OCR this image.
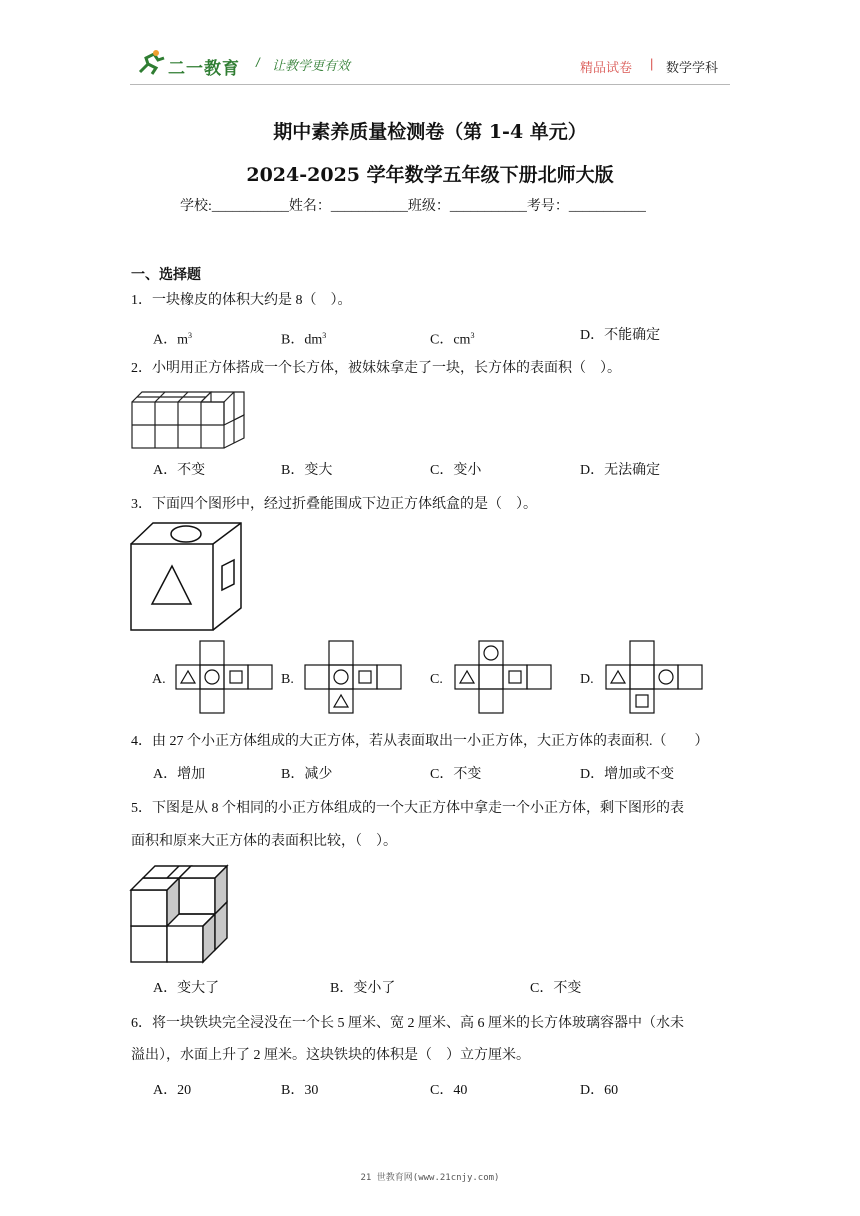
二一教育 / 让教学更有效	精品试卷 | 数学学科
期中素养质量检测卷（第 1-4 单元）
2024-2025 学年数学五年级下册北师大版
学校:___________姓名：___________班级：___________考号：___________
一、选择题
1．一块橡皮的体积大约是 8（　）。
A．$m^3$	B．$dm^3$	C．$cm^3$	D．不能确定
2．小明用正方体搭成一个长方体，被妹妹拿走了一块，长方体的表面积（　）。
A．不变	B．变大	C．变小	D．无法确定
3．下面四个图形中，经过折叠能围成下边正方体纸盒的是（　）。
A.	B.	C.	D.
4．由 27 个小正方体组成的大正方体，若从表面取出一小正方体，大正方体的表面积.（　　）
A．增加	B．减少	C．不变	D．增加或不变
5．下图是从 8 个相同的小正方体组成的一个大正方体中拿走一个小正方体，剩下图形的表
面积和原来大正方体的表面积比较，（　）。
A．变大了	B．变小了	C．不变
6．将一块铁块完全浸没在一个长 5 厘米、宽 2 厘米、高 6 厘米的长方体玻璃容器中（水未
溢出），水面上升了 2 厘米。这块铁块的体积是（　）立方厘米。
A．20	B．30	C．40	D．60
21 世教育网(www.21cnjy.com)
